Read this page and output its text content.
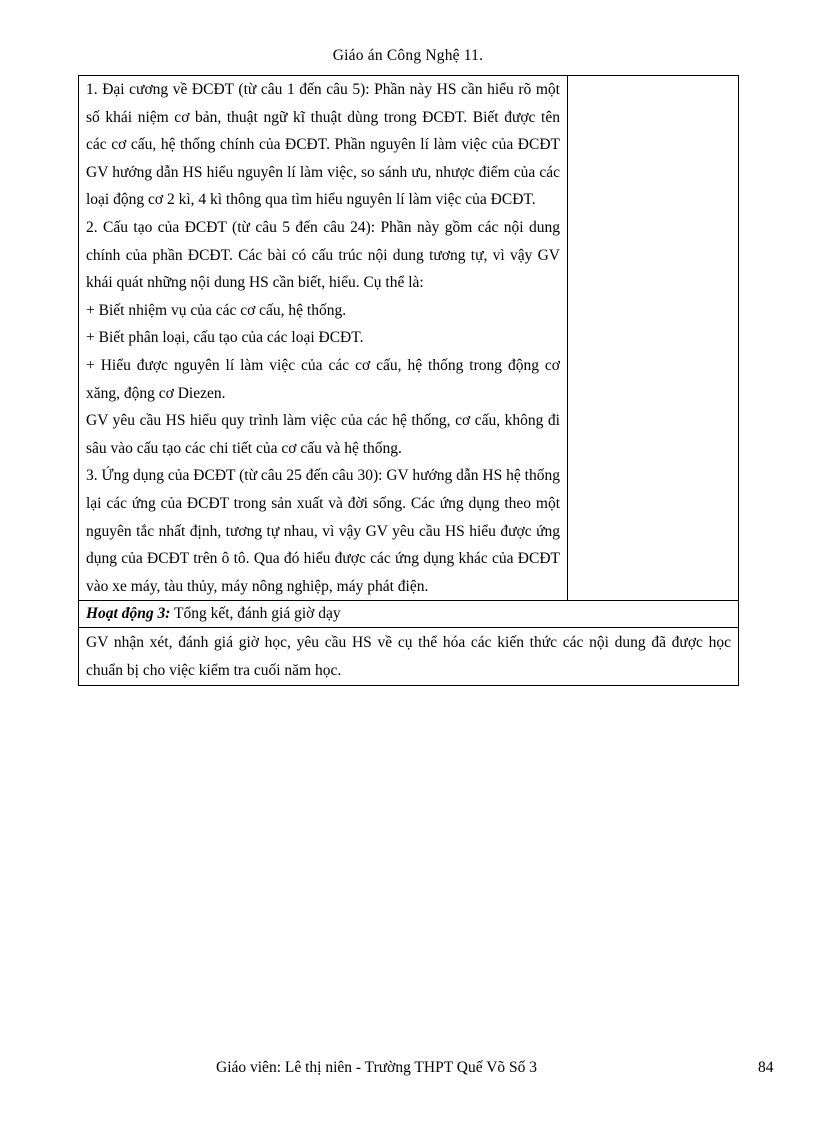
Giáo án Công Nghệ 11.

1. Đại cương về ĐCĐT (từ câu 1 đến câu 5): Phần này HS cần hiểu rõ một số khái niệm cơ bản, thuật ngữ kĩ thuật dùng trong ĐCĐT. Biết được tên các cơ cấu, hệ thống chính của ĐCĐT. Phần nguyên lí làm việc của ĐCĐT GV hướng dẫn HS hiểu nguyên lí làm việc, so sánh ưu, nhược điểm của các loại động cơ 2 kì, 4 kì thông qua tìm hiểu nguyên lí làm việc của ĐCĐT.

2. Cấu tạo của ĐCĐT (từ câu 5 đến câu 24): Phần này gồm các nội dung chính của phần ĐCĐT. Các bài có cấu trúc nội dung tương tự, vì vậy GV khái quát những nội dung HS cần biết, hiểu. Cụ thể là:

+ Biết nhiệm vụ của các cơ cấu, hệ thống.

+ Biết phân loại, cấu tạo của các loại ĐCĐT.

+ Hiểu được nguyên lí làm việc của các cơ cấu, hệ thống trong động cơ xăng, động cơ Diezen.

GV yêu cầu HS hiểu quy trình làm việc của các hệ thống, cơ cấu, không đi sâu vào cấu tạo các chi tiết của cơ cấu và hệ thống.

3. Ứng dụng của ĐCĐT (từ câu 25 đến câu 30): GV hướng dẫn HS hệ thống lại các ứng của ĐCĐT trong sản xuất và đời sống. Các ứng dụng theo một nguyên tắc nhất định, tương tự nhau, vì vậy GV yêu cầu HS hiểu được ứng dụng của ĐCĐT trên ô tô. Qua đó hiểu được các ứng dụng khác của ĐCĐT vào xe máy, tàu thủy, máy nông nghiệp, máy phát điện.

Hoạt động 3: Tổng kết, đánh giá giờ dạy
GV nhận xét, đánh giá giờ học, yêu cầu HS về cụ thể hóa các kiến thức các nội dung đã được học chuẩn bị cho việc kiểm tra cuối năm học.
Giáo viên: Lê thị niên - Trường THPT Quế Võ Số 3	84
